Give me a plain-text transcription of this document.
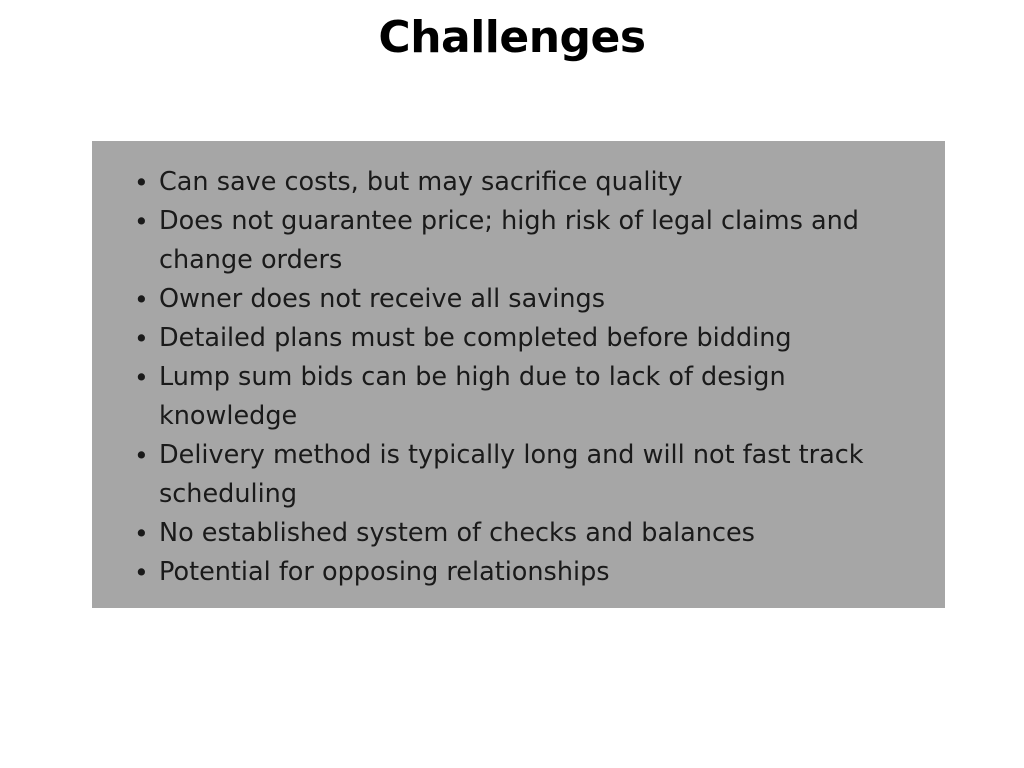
Challenges
• Can save costs, but may sacrifice quality
• Does not guarantee price; high risk of legal claims and change orders
• Owner does not receive all savings
• Detailed plans must be completed before bidding
• Lump sum bids can be high due to lack of design knowledge
• Delivery method is typically long and will not fast track scheduling
• No established system of checks and balances
• Potential for opposing relationships
